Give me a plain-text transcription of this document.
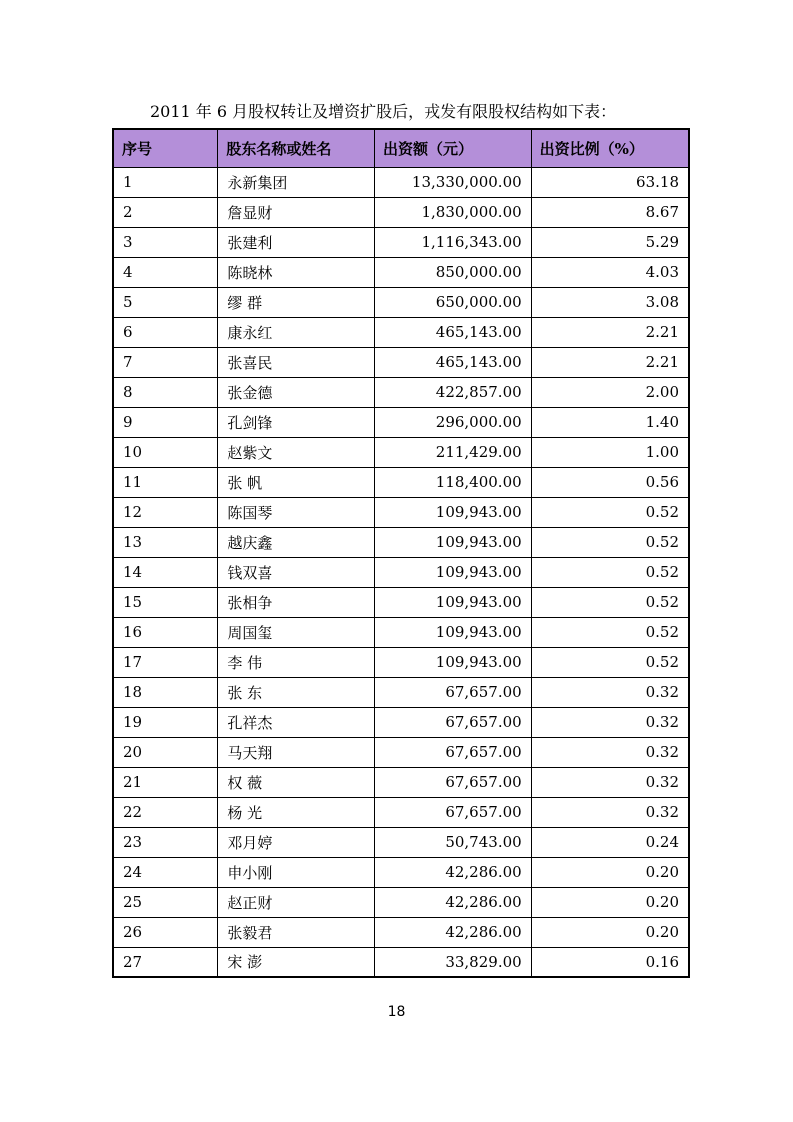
2011 年 6 月股权转让及增资扩股后，戎发有限股权结构如下表：
序号	股东名称或姓名	出资额（元）	出资比例（%）
1	永新集团	13,330,000.00	63.18
2	詹显财	1,830,000.00	8.67
3	张建利	1,116,343.00	5.29
4	陈晓林	850,000.00	4.03
5	缪 群	650,000.00	3.08
6	康永红	465,143.00	2.21
7	张喜民	465,143.00	2.21
8	张金德	422,857.00	2.00
9	孔剑锋	296,000.00	1.40
10	赵紫文	211,429.00	1.00
11	张 帆	118,400.00	0.56
12	陈国琴	109,943.00	0.52
13	越庆鑫	109,943.00	0.52
14	钱双喜	109,943.00	0.52
15	张相争	109,943.00	0.52
16	周国玺	109,943.00	0.52
17	李 伟	109,943.00	0.52
18	张 东	67,657.00	0.32
19	孔祥杰	67,657.00	0.32
20	马天翔	67,657.00	0.32
21	权 薇	67,657.00	0.32
22	杨 光	67,657.00	0.32
23	邓月婷	50,743.00	0.24
24	申小刚	42,286.00	0.20
25	赵正财	42,286.00	0.20
26	张毅君	42,286.00	0.20
27	宋 澎	33,829.00	0.16
18
